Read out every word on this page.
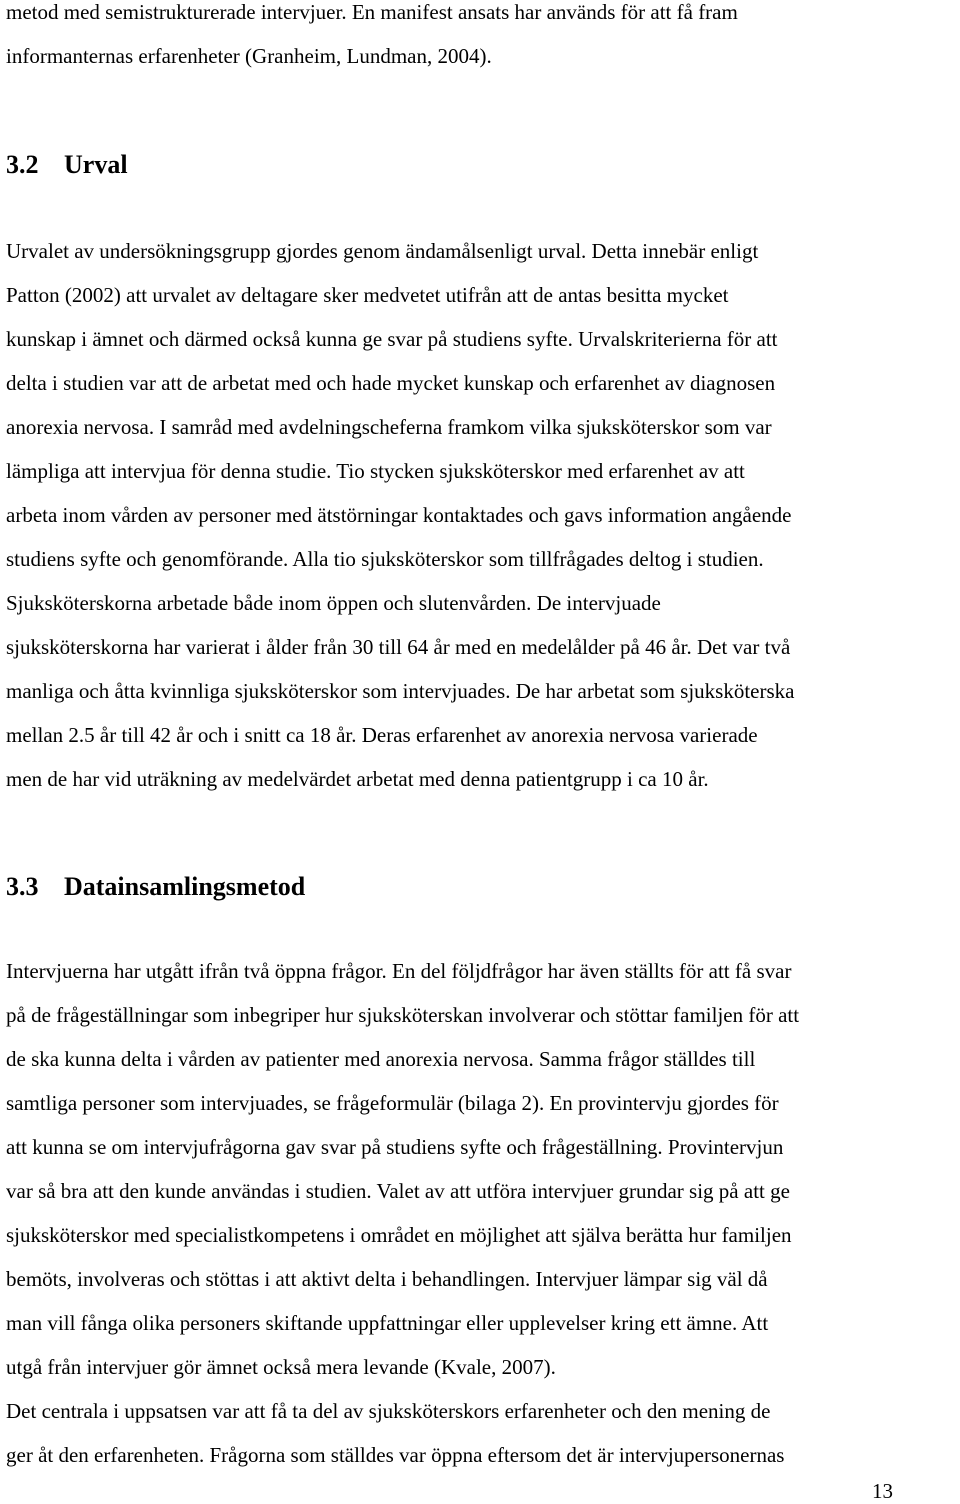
metod med semistrukturerade intervjuer. En manifest ansats har används för att få fram
informanternas erfarenheter (Granheim, Lundman, 2004).
3.2 Urval
Urvalet av undersökningsgrupp gjordes genom ändamålsenligt urval. Detta innebär enligt
Patton (2002) att urvalet av deltagare sker medvetet utifrån att de antas besitta mycket
kunskap i ämnet och därmed också kunna ge svar på studiens syfte. Urvalskriterierna för att
delta i studien var att de arbetat med och hade mycket kunskap och erfarenhet av diagnosen
anorexia nervosa. I samråd med avdelningscheferna framkom vilka sjuksköterskor som var
lämpliga att intervjua för denna studie. Tio stycken sjuksköterskor med erfarenhet av att
arbeta inom vården av personer med ätstörningar kontaktades och gavs information angående
studiens syfte och genomförande. Alla tio sjuksköterskor som tillfrågades deltog i studien.
Sjuksköterskorna arbetade både inom öppen och slutenvården. De intervjuade
sjuksköterskorna har varierat i ålder från 30 till 64 år med en medelålder på 46 år. Det var två
manliga och åtta kvinnliga sjuksköterskor som intervjuades. De har arbetat som sjuksköterska
mellan 2.5 år till 42 år och i snitt ca 18 år. Deras erfarenhet av anorexia nervosa varierade
men de har vid uträkning av medelvärdet arbetat med denna patientgrupp i ca 10 år.
3.3 Datainsamlingsmetod
Intervjuerna har utgått ifrån två öppna frågor. En del följdfrågor har även ställts för att få svar
på de frågeställningar som inbegriper hur sjuksköterskan involverar och stöttar familjen för att
de ska kunna delta i vården av patienter med anorexia nervosa. Samma frågor ställdes till
samtliga personer som intervjuades, se frågeformulär (bilaga 2). En provintervju gjordes för
att kunna se om intervjufrågorna gav svar på studiens syfte och frågeställning. Provintervjun
var så bra att den kunde användas i studien. Valet av att utföra intervjuer grundar sig på att ge
sjuksköterskor med specialistkompetens i området en möjlighet att själva berätta hur familjen
bemöts, involveras och stöttas i att aktivt delta i behandlingen. Intervjuer lämpar sig väl då
man vill fånga olika personers skiftande uppfattningar eller upplevelser kring ett ämne. Att
utgå från intervjuer gör ämnet också mera levande (Kvale, 2007).
Det centrala i uppsatsen var att få ta del av sjuksköterskors erfarenheter och den mening de
ger åt den erfarenheten. Frågorna som ställdes var öppna eftersom det är intervjupersonernas
13
